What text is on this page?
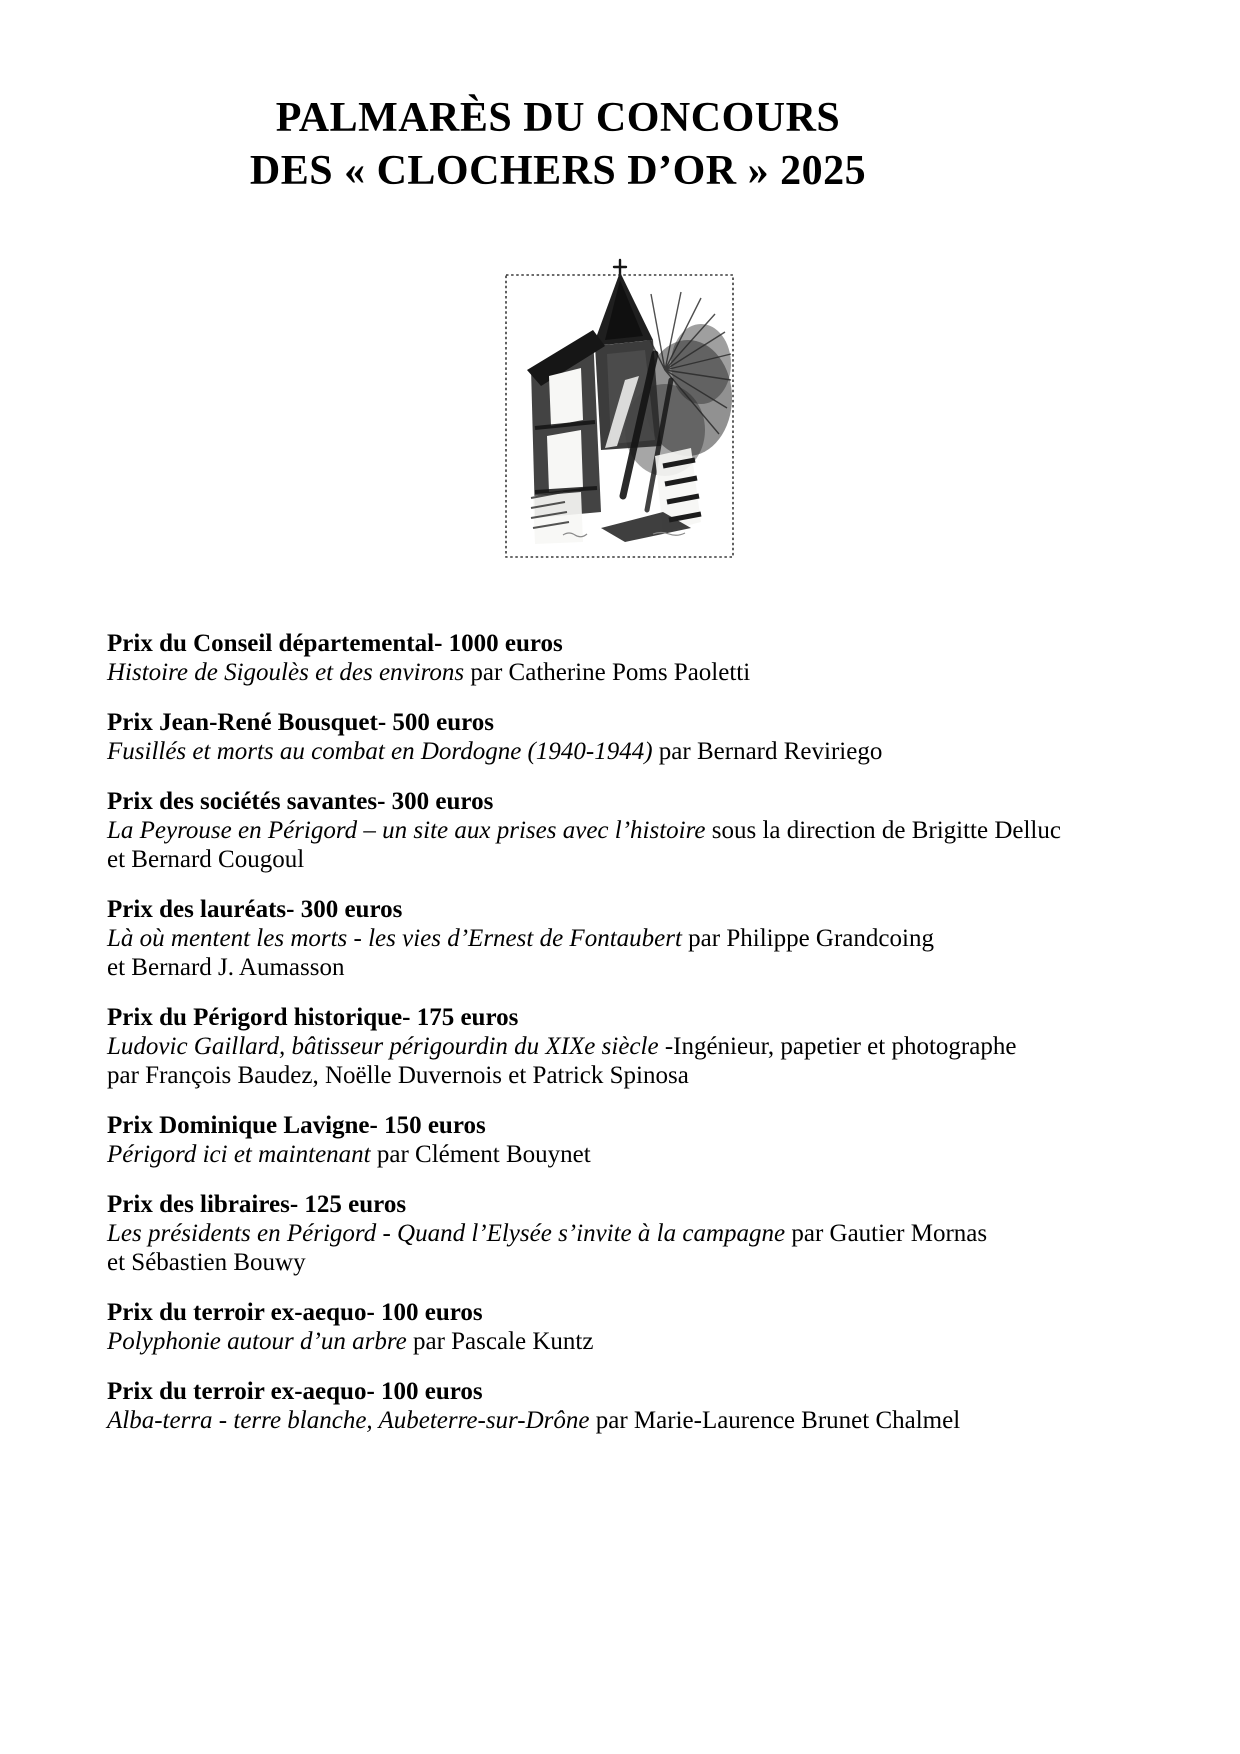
PALMARÈS DU CONCOURS
DES « CLOCHERS D’OR » 2025

Prix du Conseil départemental- 1000 euros

Histoire de Sigoulès et des environs par Catherine Poms Paoletti

Prix Jean-René Bousquet- 500 euros

Fusillés et morts au combat en Dordogne (1940-1944) par Bernard Reviriego

Prix des sociétés savantes- 300 euros

La Peyrouse en Périgord – un site aux prises avec l’histoire sous la direction de Brigitte Delluc

et Bernard Cougoul

Prix des lauréats- 300 euros

Là où mentent les morts - les vies d’Ernest de Fontaubert par Philippe Grandcoing

et Bernard J. Aumasson

Prix du Périgord historique- 175 euros

Ludovic Gaillard, bâtisseur périgourdin du XIXe siècle -Ingénieur, papetier et photographe

par François Baudez, Noëlle Duvernois et Patrick Spinosa

Prix Dominique Lavigne- 150 euros

Périgord ici et maintenant par Clément Bouynet

Prix des libraires- 125 euros

Les présidents en Périgord - Quand l’Elysée s’invite à la campagne par Gautier Mornas

et Sébastien Bouwy

Prix du terroir ex-aequo- 100 euros

Polyphonie autour d’un arbre par Pascale Kuntz

Prix du terroir ex-aequo- 100 euros

Alba-terra - terre blanche, Aubeterre-sur-Drône par Marie-Laurence Brunet Chalmel
